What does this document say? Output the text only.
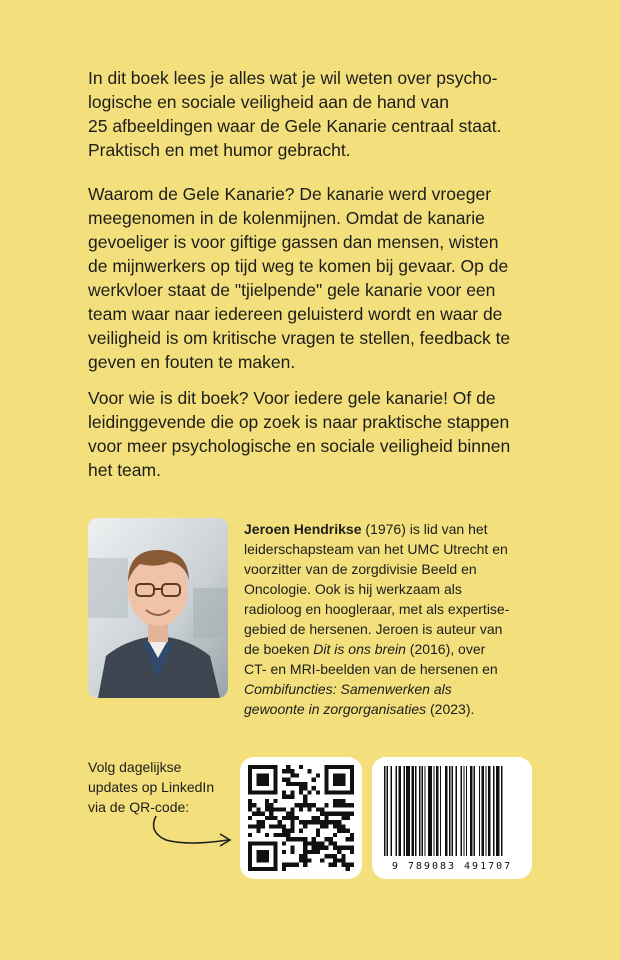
In dit boek lees je alles wat je wil weten over psycho-
logische en sociale veiligheid aan de hand van
25 afbeeldingen waar de Gele Kanarie centraal staat.
Praktisch en met humor gebracht.

Waarom de Gele Kanarie? De kanarie werd vroeger
meegenomen in de kolenmijnen. Omdat de kanarie
gevoeliger is voor giftige gassen dan mensen, wisten
de mijnwerkers op tijd weg te komen bij gevaar. Op de
werkvloer staat de "tjielpende" gele kanarie voor een
team waar naar iedereen geluisterd wordt en waar de
veiligheid is om kritische vragen te stellen, feedback te
geven en fouten te maken.

Voor wie is dit boek? Voor iedere gele kanarie! Of de
leidinggevende die op zoek is naar praktische stappen
voor meer psychologische en sociale veiligheid binnen
het team.

Jeroen Hendrikse (1976) is lid van het
leiderschapsteam van het UMC Utrecht en
voorzitter van de zorgdivisie Beeld en
Oncologie. Ook is hij werkzaam als
radioloog en hoogleraar, met als expertise-
gebied de hersenen. Jeroen is auteur van
de boeken Dit is ons brein (2016), over
CT- en MRI-beelden van de hersenen en
Combifuncties: Samenwerken als
gewoonte in zorgorganisaties (2023).

Volg dagelijkse
updates op LinkedIn
via de QR-code:

9 789083 491707
